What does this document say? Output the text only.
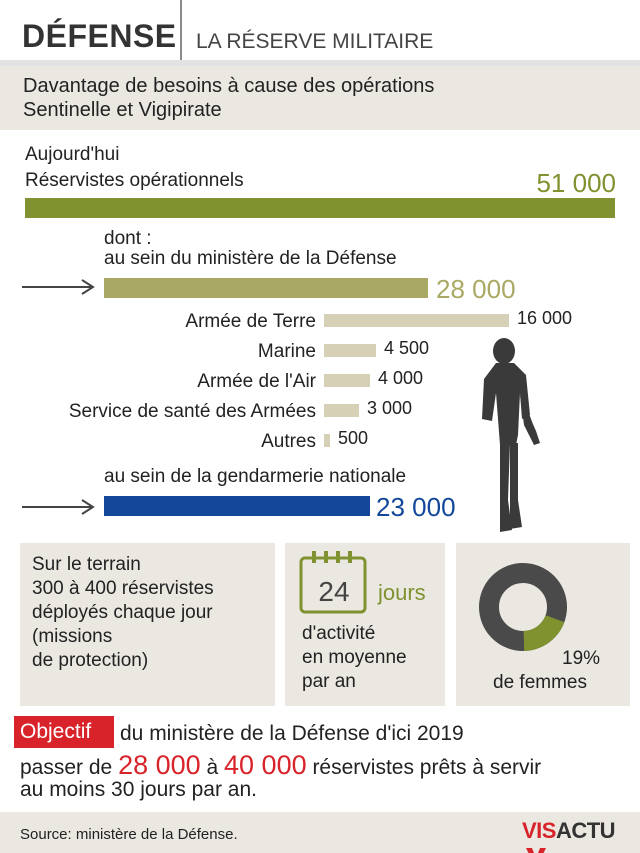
DÉFENSE LA RÉSERVE MILITAIRE
Davantage de besoins à cause des opérations
Sentinelle et Vigipirate
Aujourd'hui
Réservistes opérationnels	51 000
dont :
au sein du ministère de la Défense
28 000
Armée de Terre	16 000
Marine	4 500
Armée de l'Air	4 000
Service de santé des Armées	3 000
Autres 500
au sein de la gendarmerie nationale
23 000
Sur le terrain
300 à 400 réservistes
déployés chaque jour
(missions
de protection)
24	jours
d'activité
en moyenne
par an
19%
de femmes
Objectif du ministère de la Défense d'ici 2019
passer de 28 000 à 40 000 réservistes prêts à servir
au moins 30 jours par an.
Source: ministère de la Défense.	VISACTU
